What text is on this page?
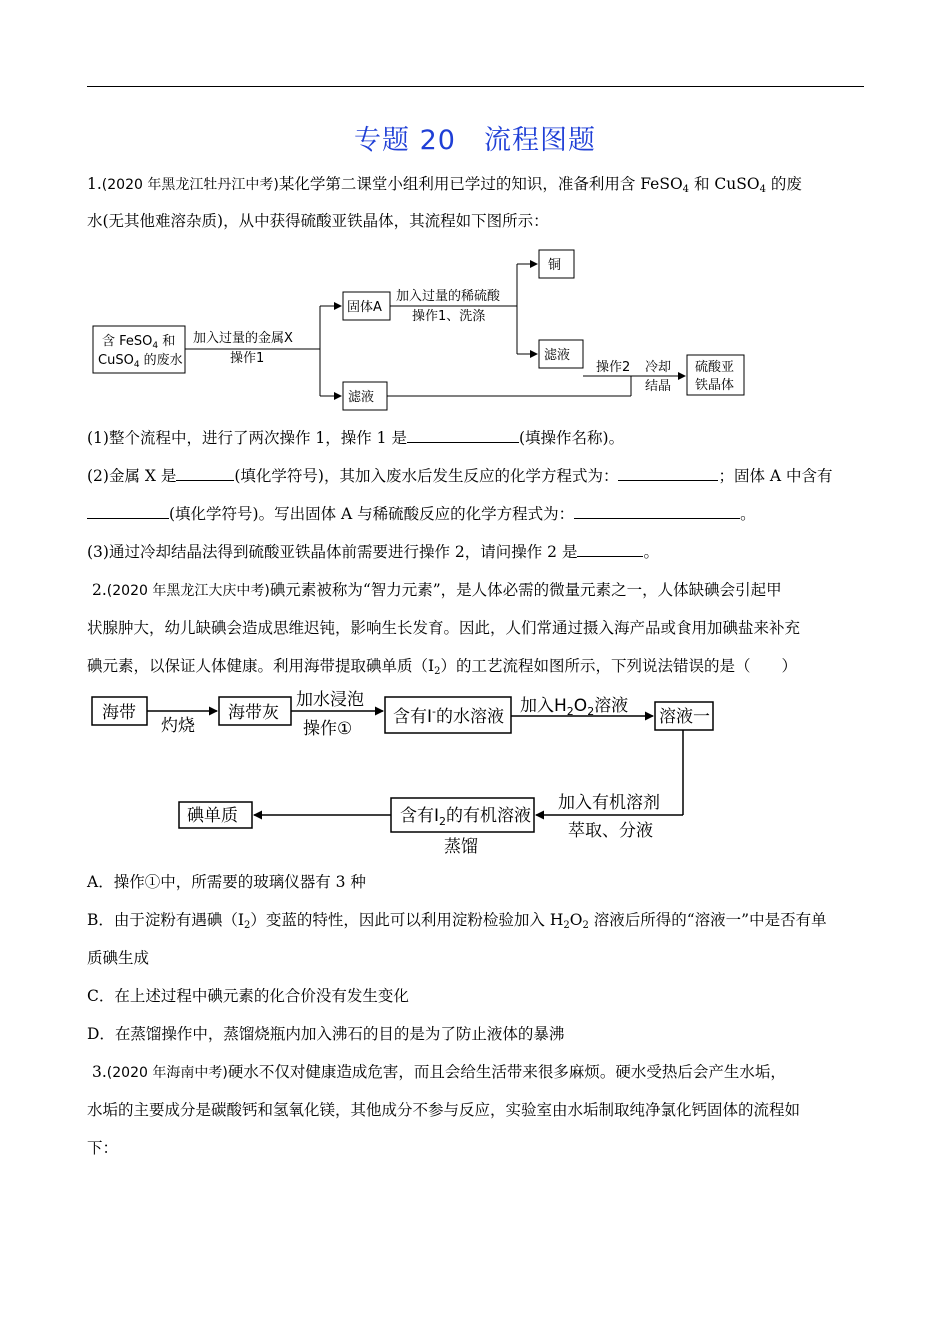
专题 20　流程图题
1.(2020 年黑龙江牡丹江中考)某化学第二课堂小组利用已学过的知识，准备利用含 FeSO$_4$ 和 CuSO$_4$ 的废
水(无其他难溶杂质)，从中获得硫酸亚铁晶体，其流程如下图所示：
含 FeSO$_4$ 和
CuSO$_4$ 的废水
加入过量的金属X
操作1
固体A
滤液
加入过量的稀硫酸
操作1、洗涤
铜
滤液
操作2 冷却
结晶
硫酸亚
铁晶体
(1)整个流程中，进行了两次操作 1，操作 1 是	(填操作名称)。
(2)金属 X 是	(填化学符号)，其加入废水后发生反应的化学方程式为：	；固体 A 中含有
(填化学符号)。写出固体 A 与稀硫酸反应的化学方程式为：	。
(3)通过冷却结晶法得到硫酸亚铁晶体前需要进行操作 2，请问操作 2 是	。
2.(2020 年黑龙江大庆中考)碘元素被称为“智力元素”，是人体必需的微量元素之一，人体缺碘会引起甲
状腺肿大，幼儿缺碘会造成思维迟钝，影响生长发育。因此，人们常通过摄入海产品或食用加碘盐来补充
碘元素，以保证人体健康。利用海带提取碘单质$(I_2)$的工艺流程如图所示，下列说法错误的是（　　）
海带
灼烧
海带灰
加水浸泡
操作①
含有I-的水溶液
加入$H_2O_2$溶液
溶液一
加入有机溶剂
萃取、分液
含有$I_2$的有机溶液
蒸馏
碘单质
A．操作①中，所需要的玻璃仪器有 3 种
B．由于淀粉有遇碘$(I_2)$变蓝的特性，因此可以利用淀粉检验加入 $H_2O_2$ 溶液后所得的“溶液一”中是否有单
质碘生成
C．在上述过程中碘元素的化合价没有发生变化
D．在蒸馏操作中，蒸馏烧瓶内加入沸石的目的是为了防止液体的暴沸
3.(2020 年海南中考)硬水不仅对健康造成危害，而且会给生活带来很多麻烦。硬水受热后会产生水垢，
水垢的主要成分是碳酸钙和氢氧化镁，其他成分不参与反应，实验室由水垢制取纯净氯化钙固体的流程如
下：
